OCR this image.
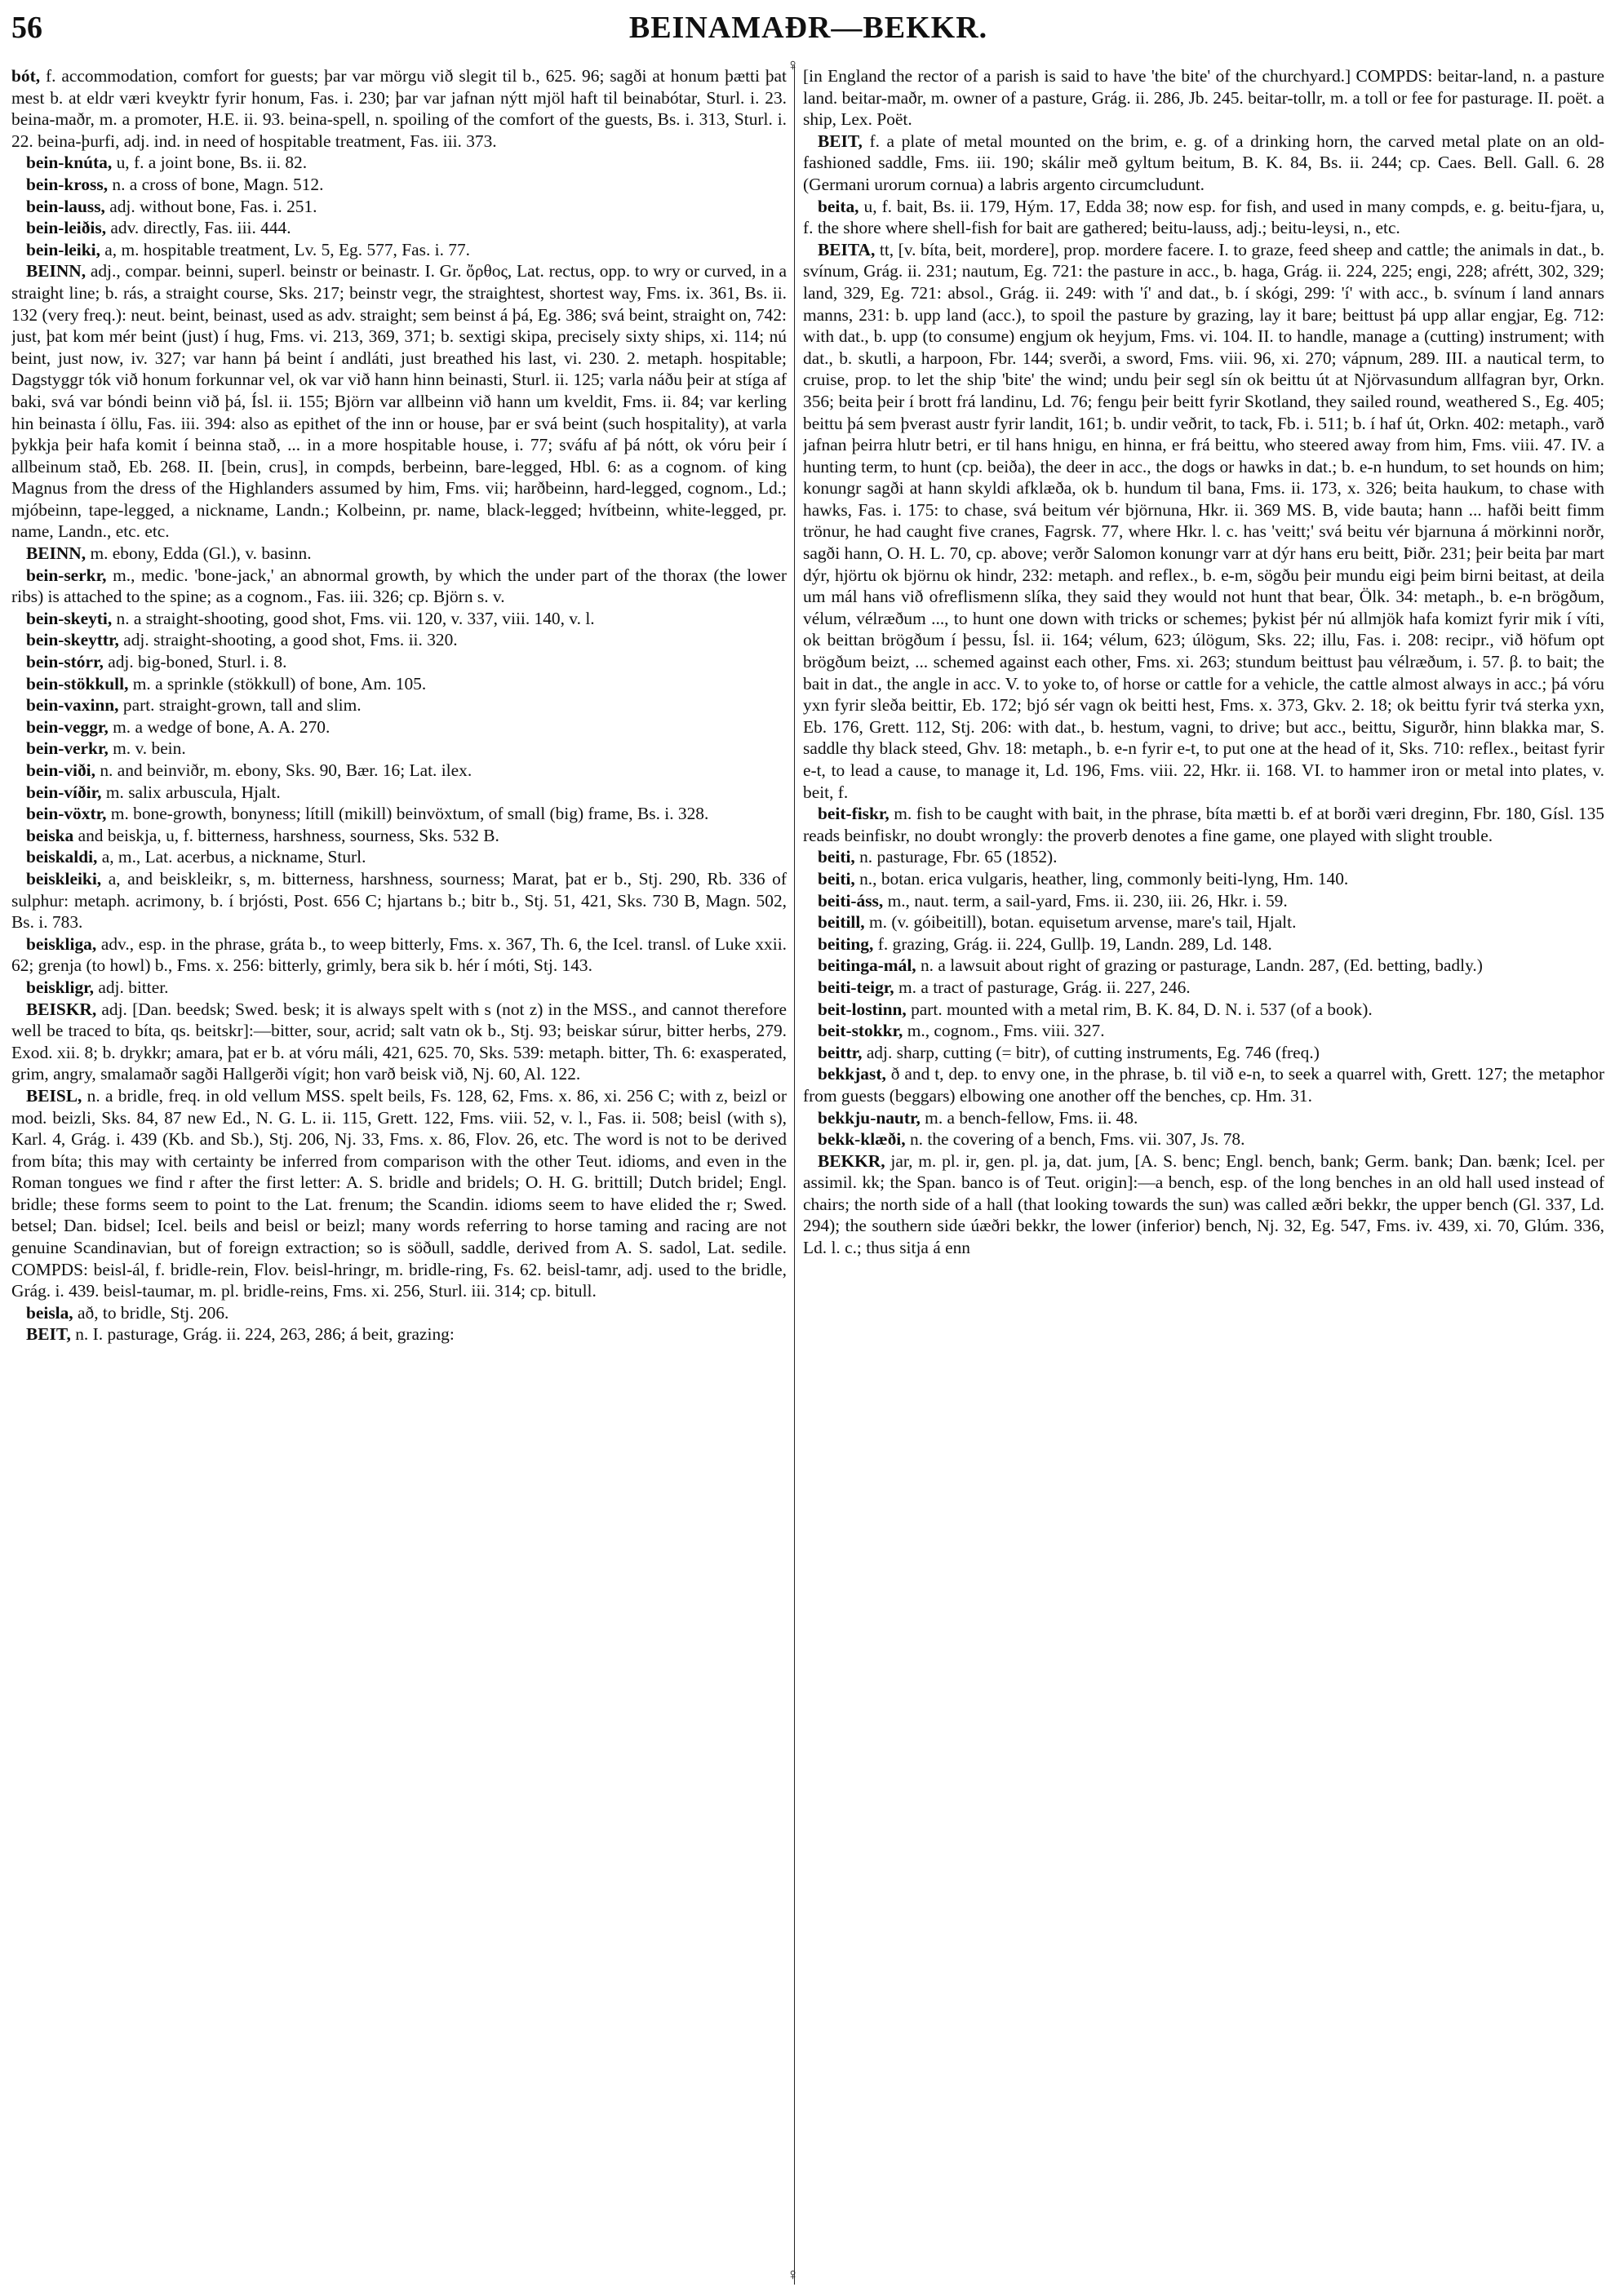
56	BEINAMAÐR—BEKKR.

bót, f. accommodation, comfort for guests; þar var mörgu við slegit til b., 625. 96; sagði at honum þætti þat mest b. at eldr væri kveyktr fyrir honum, Fas. i. 230; þar var jafnan nýtt mjöl haft til beinabótar, Sturl. i. 23. beina-maðr, m. a promoter, H.E. ii. 93. beina-spell, n. spoiling of the comfort of the guests, Bs. i. 313, Sturl. i. 22. beina-þurfi, adj. ind. in need of hospitable treatment, Fas. iii. 373.

bein-knúta, u, f. a joint bone, Bs. ii. 82.

bein-kross, n. a cross of bone, Magn. 512.

bein-lauss, adj. without bone, Fas. i. 251.

bein-leiðis, adv. directly, Fas. iii. 444.

bein-leiki, a, m. hospitable treatment, Lv. 5, Eg. 577, Fas. i. 77.

BEINN, adj., compar. beinni, superl. beinstr or beinastr. I. Gr. ὄρθος, Lat. rectus, opp. to wry or curved, in a straight line; b. rás, a straight course, Sks. 217; beinstr vegr, the straightest, shortest way, Fms. ix. 361, Bs. ii. 132 (very freq.): neut. beint, beinast, used as adv. straight; sem beinst á þá, Eg. 386; svá beint, straight on, 742: just, þat kom mér beint (just) í hug, Fms. vi. 213, 369, 371; b. sextigi skipa, precisely sixty ships, xi. 114; nú beint, just now, iv. 327; var hann þá beint í andláti, just breathed his last, vi. 230. 2. metaph. hospitable; Dagstyggr tók við honum forkunnar vel, ok var við hann hinn beinasti, Sturl. ii. 125; varla náðu þeir at stíga af baki, svá var bóndi beinn við þá, Ísl. ii. 155; Björn var allbeinn við hann um kveldit, Fms. ii. 84; var kerling hin beinasta í öllu, Fas. iii. 394: also as epithet of the inn or house, þar er svá beint (such hospitality), at varla þykkja þeir hafa komit í beinna stað, ... in a more hospitable house, i. 77; sváfu af þá nótt, ok vóru þeir í allbeinum stað, Eb. 268. II. [bein, crus], in compds, berbeinn, bare-legged, Hbl. 6: as a cognom. of king Magnus from the dress of the Highlanders assumed by him, Fms. vii; harðbeinn, hard-legged, cognom., Ld.; mjóbeinn, tape-legged, a nickname, Landn.; Kolbeinn, pr. name, black-legged; hvítbeinn, white-legged, pr. name, Landn., etc. etc.

BEINN, m. ebony, Edda (Gl.), v. basinn.

bein-serkr, m., medic. 'bone-jack,' an abnormal growth, by which the under part of the thorax (the lower ribs) is attached to the spine; as a cognom., Fas. iii. 326; cp. Björn s. v.

bein-skeyti, n. a straight-shooting, good shot, Fms. vii. 120, v. 337, viii. 140, v. l.

bein-skeyttr, adj. straight-shooting, a good shot, Fms. ii. 320.

bein-stórr, adj. big-boned, Sturl. i. 8.

bein-stökkull, m. a sprinkle (stökkull) of bone, Am. 105.

bein-vaxinn, part. straight-grown, tall and slim.

bein-veggr, m. a wedge of bone, A. A. 270.

bein-verkr, m. v. bein.

bein-viði, n. and beinviðr, m. ebony, Sks. 90, Bær. 16; Lat. ilex.

bein-víðir, m. salix arbuscula, Hjalt.

bein-vöxtr, m. bone-growth, bonyness; lítill (mikill) beinvöxtum, of small (big) frame, Bs. i. 328.

beiska and beiskja, u, f. bitterness, harshness, sourness, Sks. 532 B.

beiskaldi, a, m., Lat. acerbus, a nickname, Sturl.

beiskleiki, a, and beiskleikr, s, m. bitterness, harshness, sourness; Marat, þat er b., Stj. 290, Rb. 336 of sulphur: metaph. acrimony, b. í brjósti, Post. 656 C; hjartans b.; bitr b., Stj. 51, 421, Sks. 730 B, Magn. 502, Bs. i. 783.

beiskliga, adv., esp. in the phrase, gráta b., to weep bitterly, Fms. x. 367, Th. 6, the Icel. transl. of Luke xxii. 62; grenja (to howl) b., Fms. x. 256: bitterly, grimly, bera sik b. hér í móti, Stj. 143.

beiskligr, adj. bitter.

BEISKR, adj. [Dan. beedsk; Swed. besk; it is always spelt with s (not z) in the MSS., and cannot therefore well be traced to bíta, qs. beitskr]:—bitter, sour, acrid; salt vatn ok b., Stj. 93; beiskar súrur, bitter herbs, 279. Exod. xii. 8; b. drykkr; amara, þat er b. at vóru máli, 421, 625. 70, Sks. 539: metaph. bitter, Th. 6: exasperated, grim, angry, smalamaðr sagði Hallgerði vígit; hon varð beisk við, Nj. 60, Al. 122.

BEISL, n. a bridle, freq. in old vellum MSS. spelt beils, Fs. 128, 62, Fms. x. 86, xi. 256 C; with z, beizl or mod. beizli, Sks. 84, 87 new Ed., N. G. L. ii. 115, Grett. 122, Fms. viii. 52, v. l., Fas. ii. 508; beisl (with s), Karl. 4, Grág. i. 439 (Kb. and Sb.), Stj. 206, Nj. 33, Fms. x. 86, Flov. 26, etc. The word is not to be derived from bíta; this may with certainty be inferred from comparison with the other Teut. idioms, and even in the Roman tongues we find r after the first letter: A. S. bridle and bridels; O. H. G. brittill; Dutch bridel; Engl. bridle; these forms seem to point to the Lat. frenum; the Scandin. idioms seem to have elided the r; Swed. betsel; Dan. bidsel; Icel. beils and beisl or beizl; many words referring to horse taming and racing are not genuine Scandinavian, but of foreign extraction; so is söðull, saddle, derived from A. S. sadol, Lat. sedile. COMPDS: beisl-ál, f. bridle-rein, Flov. beisl-hringr, m. bridle-ring, Fs. 62. beisl-tamr, adj. used to the bridle, Grág. i. 439. beisl-taumar, m. pl. bridle-reins, Fms. xi. 256, Sturl. iii. 314; cp. bitull.

beisla, að, to bridle, Stj. 206.

BEIT, n. I. pasturage, Grág. ii. 224, 263, 286; á beit, grazing:

♀
♀

[in England the rector of a parish is said to have 'the bite' of the churchyard.] COMPDS: beitar-land, n. a pasture land. beitar-maðr, m. owner of a pasture, Grág. ii. 286, Jb. 245. beitar-tollr, m. a toll or fee for pasturage. II. poët. a ship, Lex. Poët.

BEIT, f. a plate of metal mounted on the brim, e. g. of a drinking horn, the carved metal plate on an old-fashioned saddle, Fms. iii. 190; skálir með gyltum beitum, B. K. 84, Bs. ii. 244; cp. Caes. Bell. Gall. 6. 28 (Germani urorum cornua) a labris argento circumcludunt.

beita, u, f. bait, Bs. ii. 179, Hým. 17, Edda 38; now esp. for fish, and used in many compds, e. g. beitu-fjara, u, f. the shore where shell-fish for bait are gathered; beitu-lauss, adj.; beitu-leysi, n., etc.

BEITA, tt, [v. bíta, beit, mordere], prop. mordere facere. I. to graze, feed sheep and cattle; the animals in dat., b. svínum, Grág. ii. 231; nautum, Eg. 721: the pasture in acc., b. haga, Grág. ii. 224, 225; engi, 228; afrétt, 302, 329; land, 329, Eg. 721: absol., Grág. ii. 249: with 'í' and dat., b. í skógi, 299: 'í' with acc., b. svínum í land annars manns, 231: b. upp land (acc.), to spoil the pasture by grazing, lay it bare; beittust þá upp allar engjar, Eg. 712: with dat., b. upp (to consume) engjum ok heyjum, Fms. vi. 104. II. to handle, manage a (cutting) instrument; with dat., b. skutli, a harpoon, Fbr. 144; sverði, a sword, Fms. viii. 96, xi. 270; vápnum, 289. III. a nautical term, to cruise, prop. to let the ship 'bite' the wind; undu þeir segl sín ok beittu út at Njörvasundum allfagran byr, Orkn. 356; beita þeir í brott frá landinu, Ld. 76; fengu þeir beitt fyrir Skotland, they sailed round, weathered S., Eg. 405; beittu þá sem þverast austr fyrir landit, 161; b. undir veðrit, to tack, Fb. i. 511; b. í haf út, Orkn. 402: metaph., varð jafnan þeirra hlutr betri, er til hans hnigu, en hinna, er frá beittu, who steered away from him, Fms. viii. 47. IV. a hunting term, to hunt (cp. beiða), the deer in acc., the dogs or hawks in dat.; b. e-n hundum, to set hounds on him; konungr sagði at hann skyldi afklæða, ok b. hundum til bana, Fms. ii. 173, x. 326; beita haukum, to chase with hawks, Fas. i. 175: to chase, svá beitum vér björnuna, Hkr. ii. 369 MS. B, vide bauta; hann ... hafði beitt fimm trönur, he had caught five cranes, Fagrsk. 77, where Hkr. l. c. has 'veitt;' svá beitu vér bjarnuna á mörkinni norðr, sagði hann, O. H. L. 70, cp. above; verðr Salomon konungr varr at dýr hans eru beitt, Þiðr. 231; þeir beita þar mart dýr, hjörtu ok björnu ok hindr, 232: metaph. and reflex., b. e-m, sögðu þeir mundu eigi þeim birni beitast, at deila um mál hans við ofreflismenn slíka, they said they would not hunt that bear, Ölk. 34: metaph., b. e-n brögðum, vélum, vélræðum ..., to hunt one down with tricks or schemes; þykist þér nú allmjök hafa komizt fyrir mik í víti, ok beittan brögðum í þessu, Ísl. ii. 164; vélum, 623; úlögum, Sks. 22; illu, Fas. i. 208: recipr., við höfum opt brögðum beizt, ... schemed against each other, Fms. xi. 263; stundum beittust þau vélræðum, i. 57. β. to bait; the bait in dat., the angle in acc. V. to yoke to, of horse or cattle for a vehicle, the cattle almost always in acc.; þá vóru yxn fyrir sleða beittir, Eb. 172; bjó sér vagn ok beitti hest, Fms. x. 373, Gkv. 2. 18; ok beittu fyrir tvá sterka yxn, Eb. 176, Grett. 112, Stj. 206: with dat., b. hestum, vagni, to drive; but acc., beittu, Sigurðr, hinn blakka mar, S. saddle thy black steed, Ghv. 18: metaph., b. e-n fyrir e-t, to put one at the head of it, Sks. 710: reflex., beitast fyrir e-t, to lead a cause, to manage it, Ld. 196, Fms. viii. 22, Hkr. ii. 168. VI. to hammer iron or metal into plates, v. beit, f.

beit-fiskr, m. fish to be caught with bait, in the phrase, bíta mætti b. ef at borði væri dreginn, Fbr. 180, Gísl. 135 reads beinfiskr, no doubt wrongly: the proverb denotes a fine game, one played with slight trouble.

beiti, n. pasturage, Fbr. 65 (1852).

beiti, n., botan. erica vulgaris, heather, ling, commonly beiti-lyng, Hm. 140.

beiti-áss, m., naut. term, a sail-yard, Fms. ii. 230, iii. 26, Hkr. i. 59.

beitill, m. (v. góibeitill), botan. equisetum arvense, mare's tail, Hjalt.

beiting, f. grazing, Grág. ii. 224, Gullþ. 19, Landn. 289, Ld. 148.

beitinga-mál, n. a lawsuit about right of grazing or pasturage, Landn. 287, (Ed. betting, badly.)

beiti-teigr, m. a tract of pasturage, Grág. ii. 227, 246.

beit-lostinn, part. mounted with a metal rim, B. K. 84, D. N. i. 537 (of a book).

beit-stokkr, m., cognom., Fms. viii. 327.

beittr, adj. sharp, cutting (= bitr), of cutting instruments, Eg. 746 (freq.)

bekkjast, ð and t, dep. to envy one, in the phrase, b. til við e-n, to seek a quarrel with, Grett. 127; the metaphor from guests (beggars) elbowing one another off the benches, cp. Hm. 31.

bekkju-nautr, m. a bench-fellow, Fms. ii. 48.

bekk-klæði, n. the covering of a bench, Fms. vii. 307, Js. 78.

BEKKR, jar, m. pl. ir, gen. pl. ja, dat. jum, [A. S. benc; Engl. bench, bank; Germ. bank; Dan. bænk; Icel. per assimil. kk; the Span. banco is of Teut. origin]:—a bench, esp. of the long benches in an old hall used instead of chairs; the north side of a hall (that looking towards the sun) was called æðri bekkr, the upper bench (Gl. 337, Ld. 294); the southern side úæðri bekkr, the lower (inferior) bench, Nj. 32, Eg. 547, Fms. iv. 439, xi. 70, Glúm. 336, Ld. l. c.; thus sitja á enn
